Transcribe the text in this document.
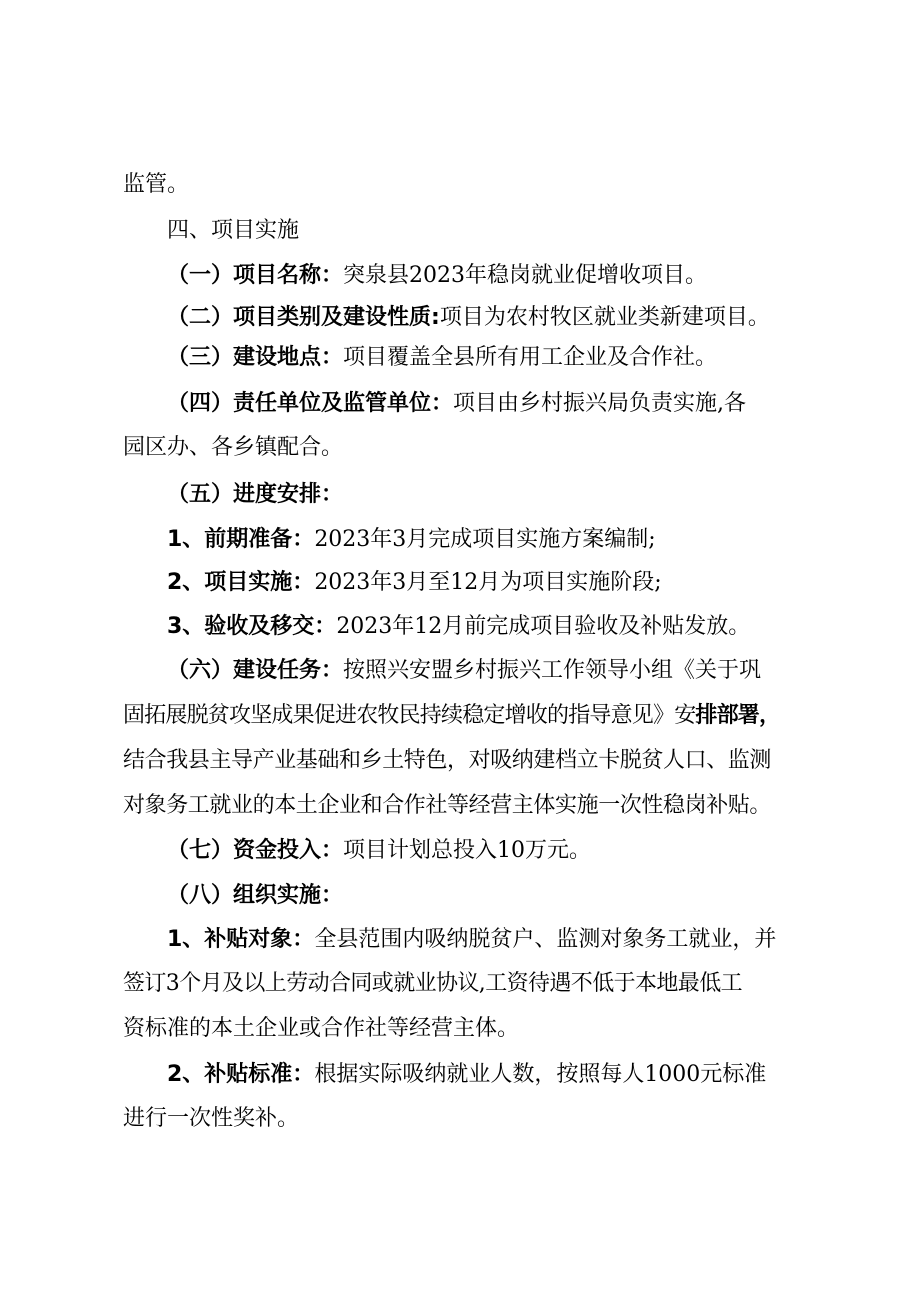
监管。
四、项目实施
（一）项目名称：突泉县2023年稳岗就业促增收项目。
（二）项目类别及建设性质:项目为农村牧区就业类新建项目。
（三）建设地点：项目覆盖全县所有用工企业及合作社。
（四）责任单位及监管单位：项目由乡村振兴局负责实施,各
园区办、各乡镇配合。
（五）进度安排：
1、前期准备：2023年3月完成项目实施方案编制;
2、项目实施：2023年3月至12月为项目实施阶段;
3、验收及移交：2023年12月前完成项目验收及补贴发放。
（六）建设任务：按照兴安盟乡村振兴工作领导小组《关于巩
固拓展脱贫攻坚成果促进农牧民持续稳定增收的指导意见》安排部署，
结合我县主导产业基础和乡土特色，对吸纳建档立卡脱贫人口、监测
对象务工就业的本土企业和合作社等经营主体实施一次性稳岗补贴。
（七）资金投入：项目计划总投入10万元。
（八）组织实施：
1、补贴对象：全县范围内吸纳脱贫户、监测对象务工就业，并
签订3个月及以上劳动合同或就业协议,工资待遇不低于本地最低工
资标准的本土企业或合作社等经营主体。
2、补贴标准：根据实际吸纳就业人数，按照每人1000元标准
进行一次性奖补。
